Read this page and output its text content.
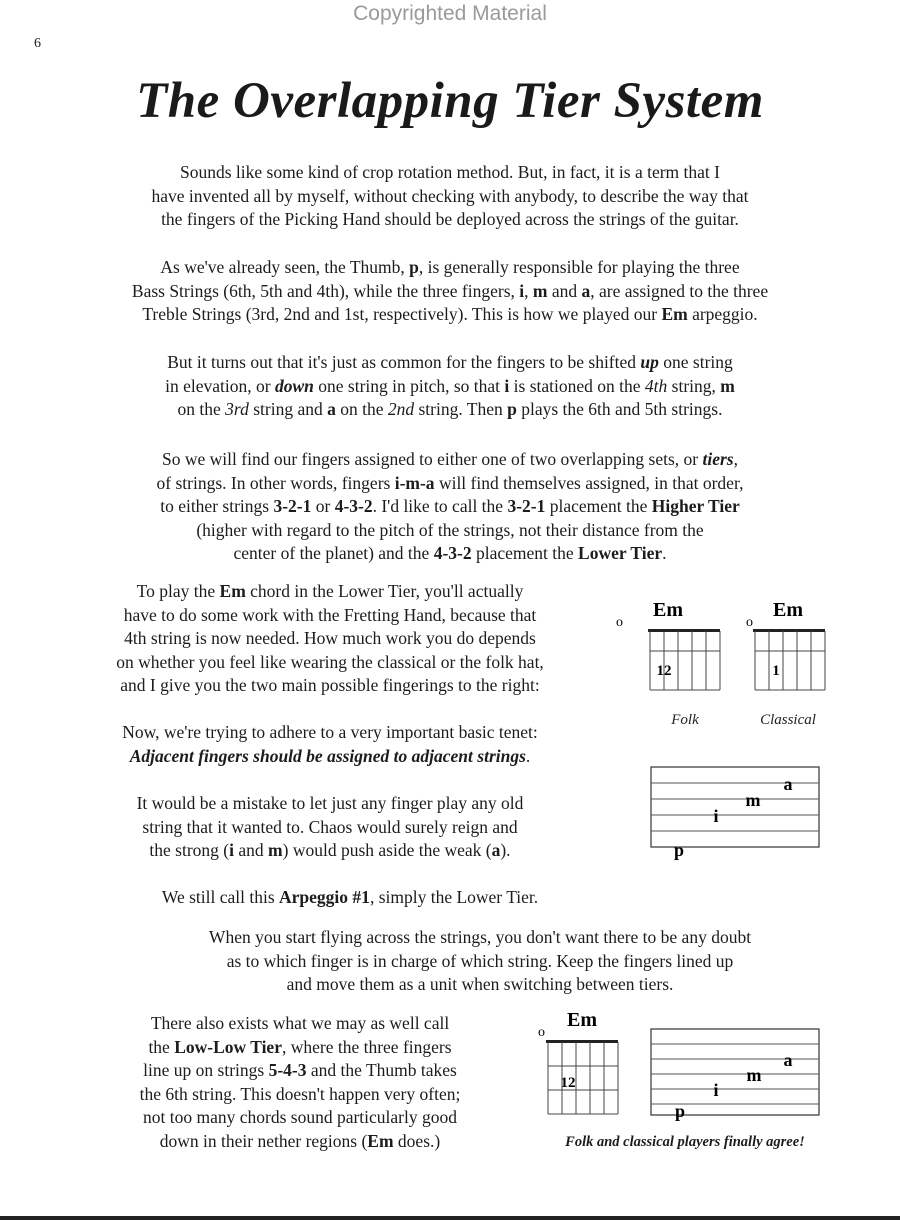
Copyrighted Material
6
The Overlapping Tier System
Sounds like some kind of crop rotation method. But, in fact, it is a term that I
have invented all by myself, without checking with anybody, to describe the way that
the fingers of the Picking Hand should be deployed across the strings of the guitar.
As we've already seen, the Thumb, p, is generally responsible for playing the three
Bass Strings (6th, 5th and 4th), while the three fingers, i, m and a, are assigned to the three
Treble Strings (3rd, 2nd and 1st, respectively). This is how we played our Em arpeggio.
But it turns out that it's just as common for the fingers to be shifted up one string
in elevation, or down one string in pitch, so that i is stationed on the 4th string, m
on the 3rd string and a on the 2nd string. Then p plays the 6th and 5th strings.
So we will find our fingers assigned to either one of two overlapping sets, or tiers,
of strings. In other words, fingers i-m-a will find themselves assigned, in that order,
to either strings 3-2-1 or 4-3-2. I'd like to call the 3-2-1 placement the Higher Tier
(higher with regard to the pitch of the strings, not their distance from the
center of the planet) and the 4-3-2 placement the Lower Tier.
To play the Em chord in the Lower Tier, you'll actually
have to do some work with the Fretting Hand, because that
4th string is now needed. How much work you do depends
on whether you feel like wearing the classical or the folk hat,
and I give you the two main possible fingerings to the right:
Now, we're trying to adhere to a very important basic tenet:
Adjacent fingers should be assigned to adjacent strings.
It would be a mistake to let just any finger play any old
string that it wanted to. Chaos would surely reign and
the strong (i and m) would push aside the weak (a).
We still call this Arpeggio #1, simply the Lower Tier.
When you start flying across the strings, you don't want there to be any doubt
as to which finger is in charge of which string. Keep the fingers lined up
and move them as a unit when switching between tiers.
There also exists what we may as well call
the Low-Low Tier, where the three fingers
line up on strings 5-4-3 and the Thumb takes
the 6th string. This doesn't happen very often;
not too many chords sound particularly good
down in their nether regions (Em does.)
o
Em
12
Folk
o
Em
1
Classical
a
m
i
p
o
Em
12
a
m
i
p
Folk and classical players finally agree!
